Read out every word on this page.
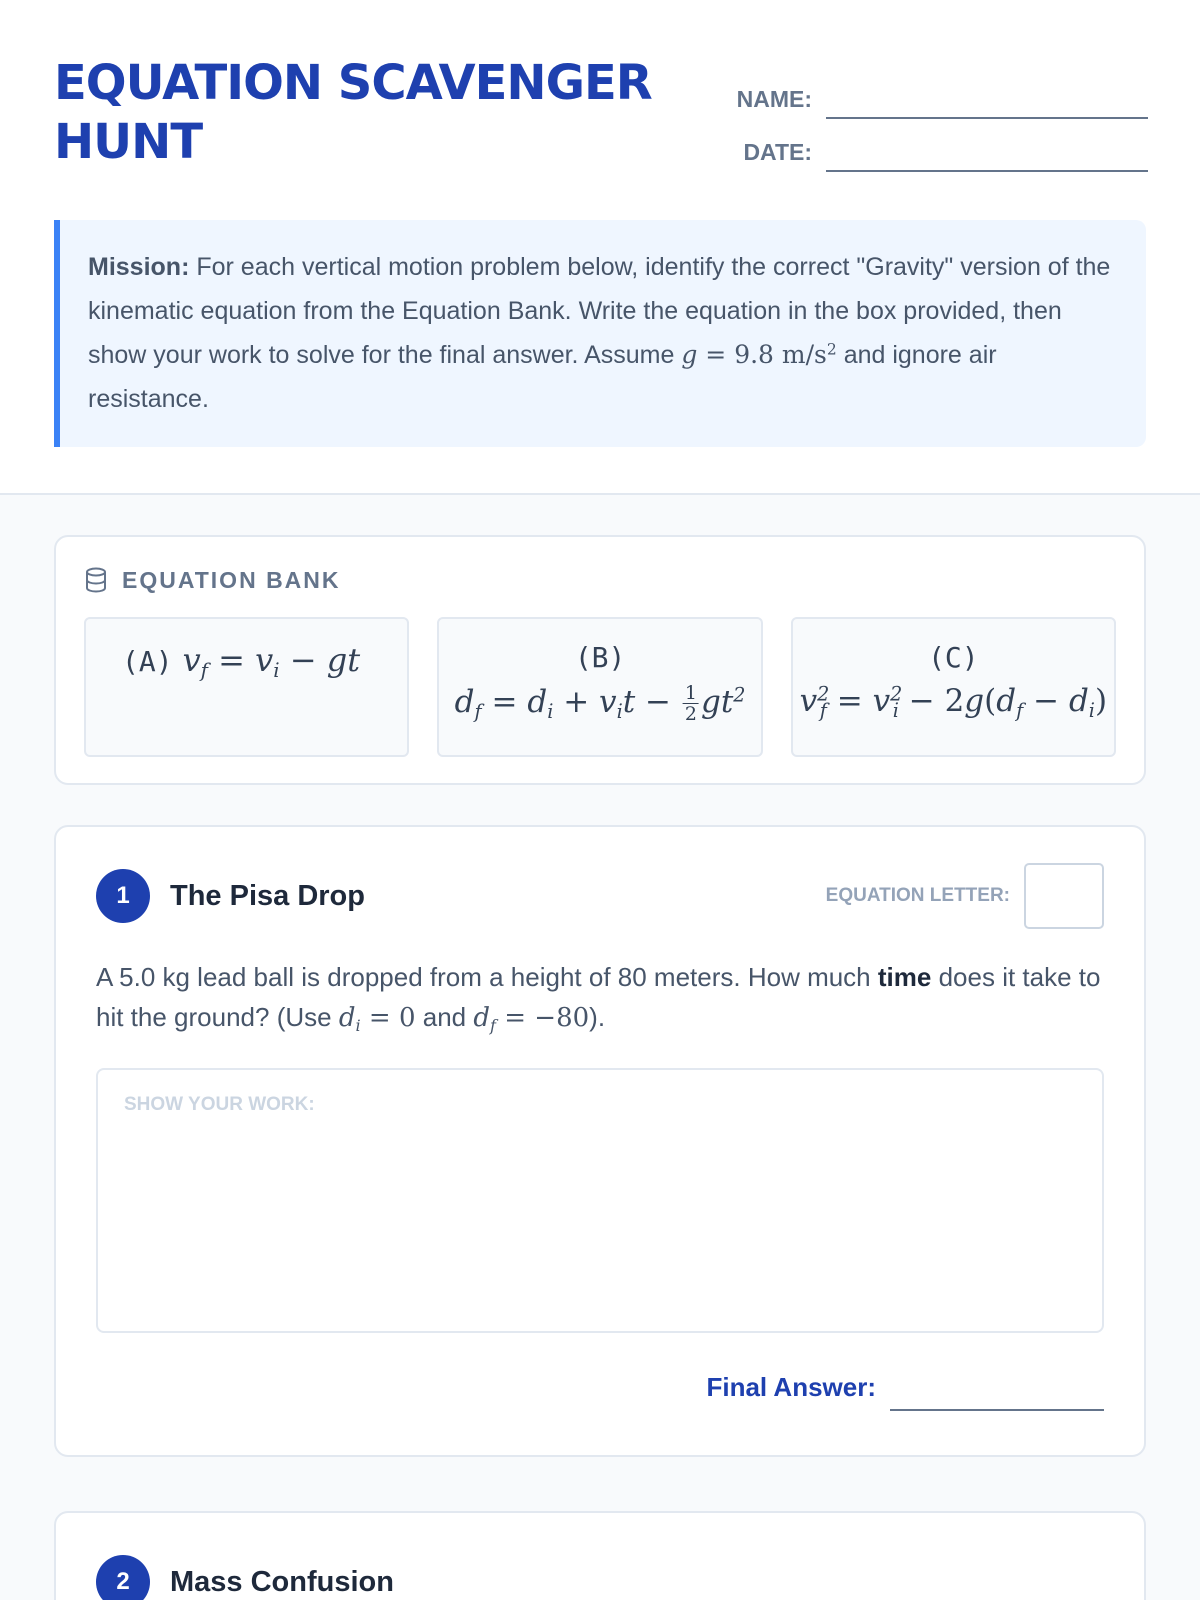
EQUATION SCAVENGER HUNT
NAME:
DATE:
Mission: For each vertical motion problem below, identify the correct "Gravity" version of the kinematic equation from the Equation Bank. Write the equation in the box provided, then show your work to solve for the final answer. Assume g = 9.8 $m/s^2$ and ignore air resistance.
EQUATION BANK
(A) $v_f = v_i$ − gt	(B)
$d_f = d_i + v_it - \frac{1}{2} gt^2$
(C)
$v^2_f = v^2_i - 2g(d_f - d_i)$
1	The Pisa Drop	EQUATION LETTER:

A 5.0 kg lead ball is dropped from a height of 80 meters. How much time does it take to hit the ground? (Use $d_i = 0$ and $d_f = -80$).

SHOW YOUR WORK:
Final Answer:
2	Mass Confusion
